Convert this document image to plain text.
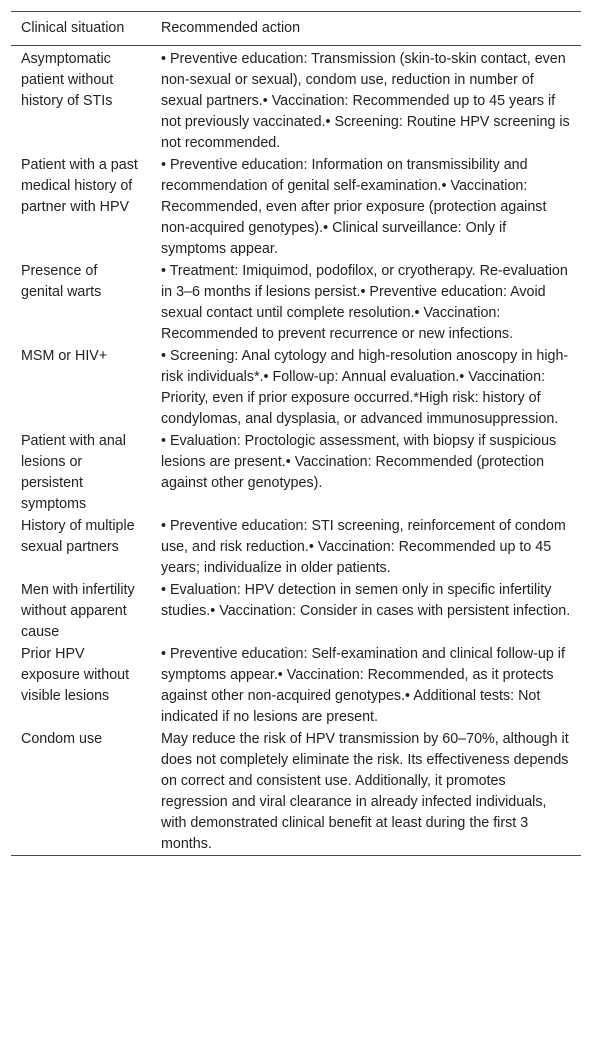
Clinical situation	Recommended action
Asymptomatic patient without history of STIs	• Preventive education: Transmission (skin-to-skin contact, even non-sexual or sexual), condom use, reduction in number of sexual partners.• Vaccination: Recommended up to 45 years if not previously vaccinated.• Screening: Routine HPV screening is not recommended.
Patient with a past medical history of partner with HPV	• Preventive education: Information on transmissibility and recommendation of genital self-examination.• Vaccination: Recommended, even after prior exposure (protection against non-acquired genotypes).• Clinical surveillance: Only if symptoms appear.
Presence of genital warts	• Treatment: Imiquimod, podofilox, or cryotherapy. Re-evaluation in 3–6 months if lesions persist.• Preventive education: Avoid sexual contact until complete resolution.• Vaccination: Recommended to prevent recurrence or new infections.
MSM or HIV+	• Screening: Anal cytology and high-resolution anoscopy in high-risk individuals*.• Follow-up: Annual evaluation.• Vaccination: Priority, even if prior exposure occurred.*High risk: history of condylomas, anal dysplasia, or advanced immunosuppression.
Patient with anal lesions or persistent symptoms	• Evaluation: Proctologic assessment, with biopsy if suspicious lesions are present.• Vaccination: Recommended (protection against other genotypes).
History of multiple sexual partners	• Preventive education: STI screening, reinforcement of condom use, and risk reduction.• Vaccination: Recommended up to 45 years; individualize in older patients.
Men with infertility without apparent cause	• Evaluation: HPV detection in semen only in specific infertility studies.• Vaccination: Consider in cases with persistent infection.
Prior HPV exposure without visible lesions	• Preventive education: Self-examination and clinical follow-up if symptoms appear.• Vaccination: Recommended, as it protects against other non-acquired genotypes.• Additional tests: Not indicated if no lesions are present.
Condom use	May reduce the risk of HPV transmission by 60–70%, although it does not completely eliminate the risk. Its effectiveness depends on correct and consistent use. Additionally, it promotes regression and viral clearance in already infected individuals, with demonstrated clinical benefit at least during the first 3 months.
